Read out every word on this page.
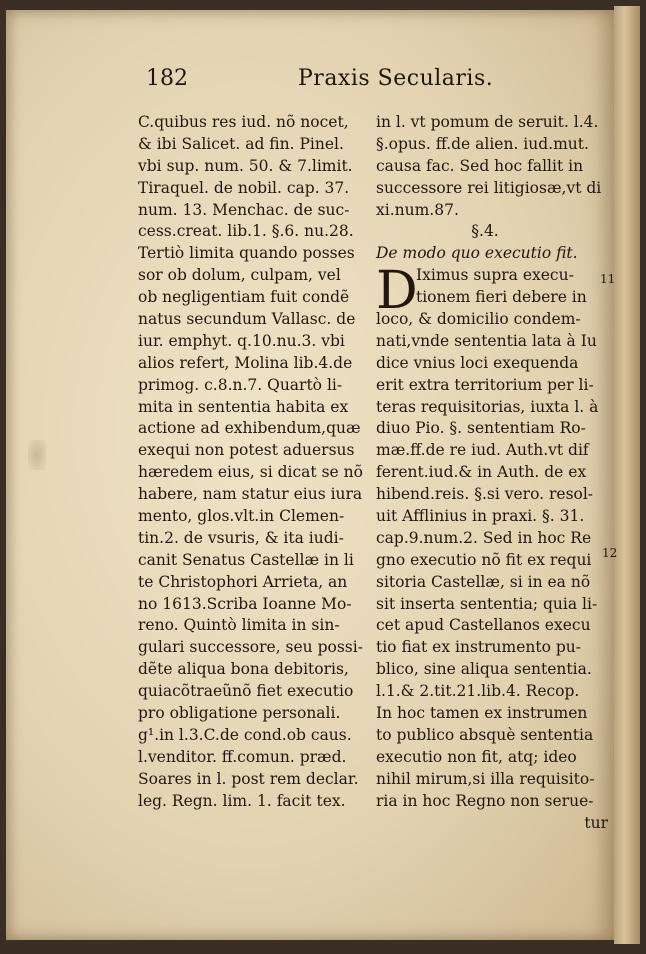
182	Praxis Secularis.
C.quibus res iud. nõ nocet,
& ibi Salicet. ad fin. Pinel.
vbi sup. num. 50. & 7.limit.
Tiraquel. de nobil. cap. 37.
num. 13. Menchac. de suc-
cess.creat. lib.1. §.6. nu.28.
Tertiò limita quando posses
sor ob dolum, culpam, vel
ob negligentiam fuit condẽ
natus secundum Vallasc. de
iur. emphyt. q.10.nu.3. vbi
alios refert, Molina lib.4.de
primog. c.8.n.7. Quartò li-
mita in sententia habita ex
actione ad exhibendum,quæ
exequi non potest aduersus
hæredem eius, si dicat se nõ
habere, nam statur eius iura
mento, glos.vlt.in Clemen-
tin.2. de vsuris, & ita iudi-
canit Senatus Castellæ in li
te Christophori Arrieta, an
no 1613.Scriba Ioanne Mo-
reno. Quintò limita in sin-
gulari successore, seu possi-
dẽte aliqua bona debitoris,
quiacõtraeũnõ fiet executio
pro obligatione personali.
g¹.in l.3.C.de cond.ob caus.
l.venditor. ff.comun. præd.
Soares in l. post rem declar.
leg. Regn. lim. 1. facit tex.
in l. vt pomum de seruit. l.4.
§.opus. ff.de alien. iud.mut.
causa fac. Sed hoc fallit in
successore rei litigiosæ,vt di
xi.num.87.
§.4.
De modo quo executio fit.
D
Iximus supra execu-
tionem fieri debere in
loco, & domicilio condem-
nati,vnde sententia lata à Iu
dice vnius loci exequenda
erit extra territorium per li-
teras requisitorias, iuxta l. à
diuo Pio. §. sententiam Ro-
mæ.ff.de re iud. Auth.vt dif
ferent.iud.& in Auth. de ex
hibend.reis. §.si vero. resol-
uit Afflinius in praxi. §. 31.
cap.9.num.2. Sed in hoc Re
gno executio nõ fit ex requi
sitoria Castellæ, si in ea nõ
sit inserta sententia; quia li-
cet apud Castellanos execu
tio fiat ex instrumento pu-
blico, sine aliqua sententia.
l.1.& 2.tit.21.lib.4. Recop.
In hoc tamen ex instrumen
to publico absquè sententia
executio non fit, atq; ideo
nihil mirum,si illa requisito-
ria in hoc Regno non serue-
tur
11
12
